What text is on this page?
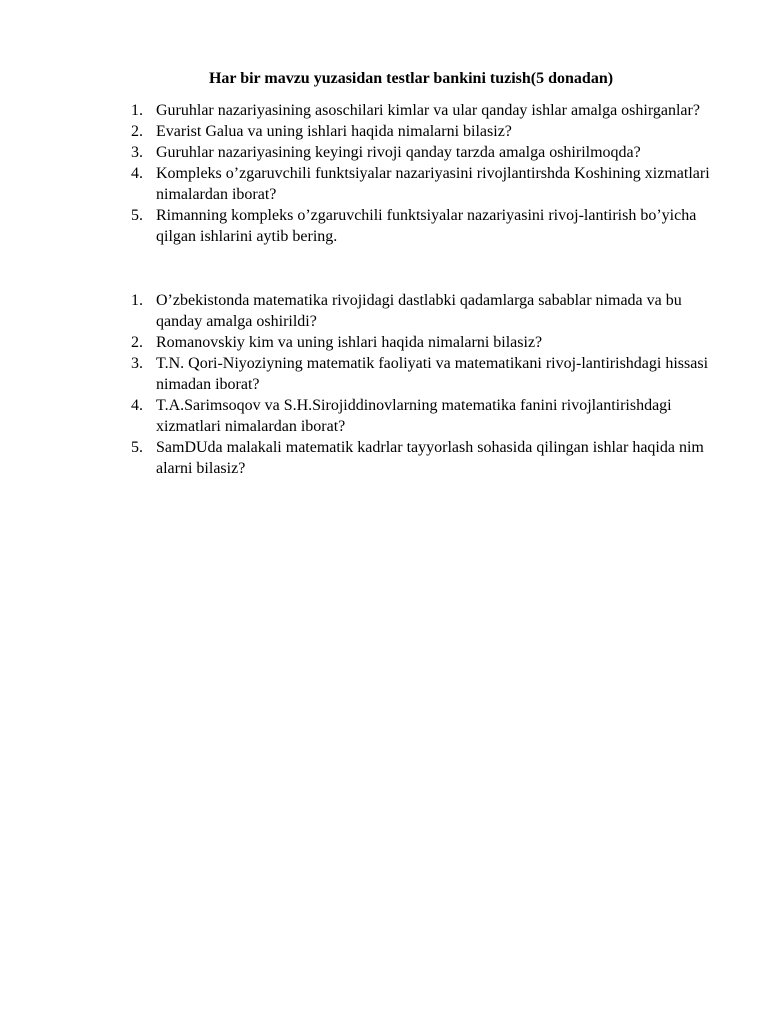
Har bir mavzu yuzasidan testlar bankini tuzish(5 donadan)
1. Guruhlar nazariyasining asoschilari kimlar va ular qanday ishlar amalga oshirganlar?
2. Evarist Galua va uning ishlari haqida nimalarni bilasiz?
3. Guruhlar nazariyasining keyingi rivoji qanday tarzda amalga oshirilmoqda?
4. Kompleks o’zgaruvchili funktsiyalar nazariyasini rivojlantirshda Koshining xizmatlari nimalardan iborat?
5. Rimanning kompleks o’zgaruvchili funktsiyalar nazariyasini rivoj-lantirish bo’yicha qilgan ishlarini aytib bering.
1. O’zbekistonda matematika rivojidagi dastlabki qadamlarga sabablar nimada va bu qanday amalga oshirildi?
2. Romanovskiy kim va uning ishlari haqida nimalarni bilasiz?
3. T.N. Qori-Niyoziyning matematik faoliyati va matematikani rivoj-lantirishdagi hissasi nimadan iborat?
4. T.A.Sarimsoqov va S.H.Sirojiddinovlarning matematika fanini rivojlantirishdagi xizmatlari nimalardan iborat?
5. SamDUda malakali matematik kadrlar tayyorlash sohasida qilingan ishlar haqida nim alarni bilasiz?
